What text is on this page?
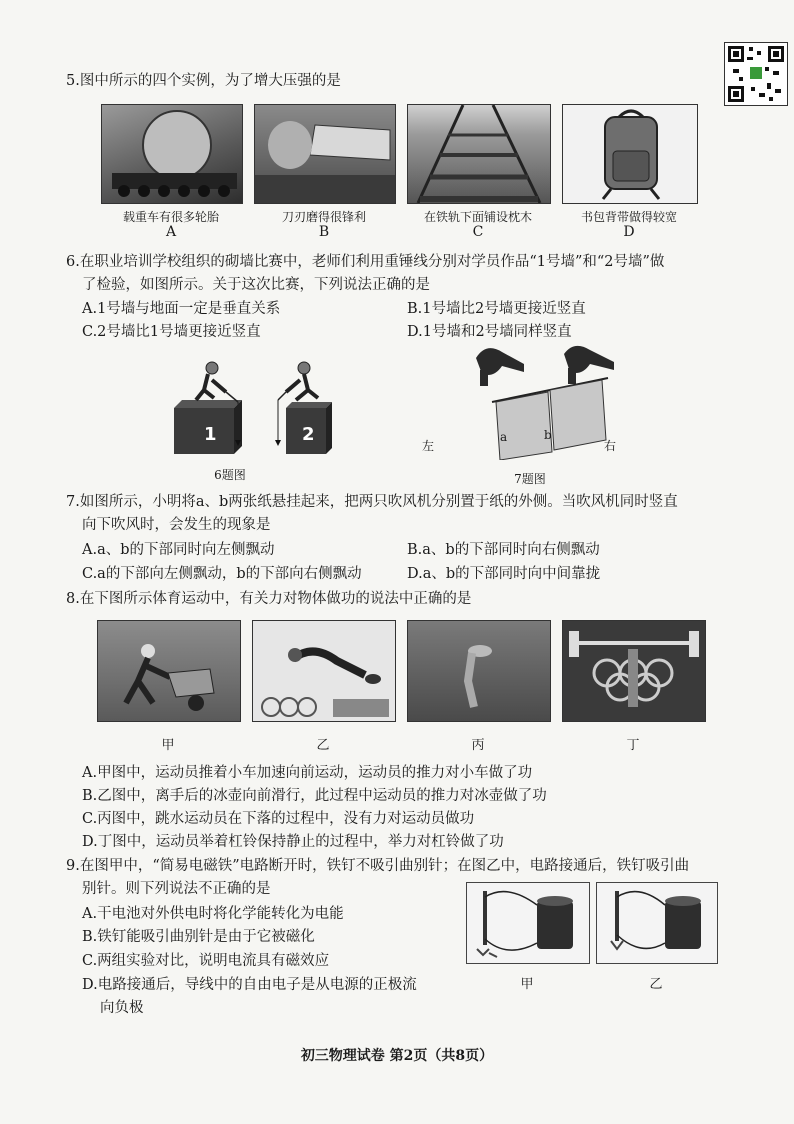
5.图中所示的四个实例，为了增大压强的是
载重车有很多轮胎	刀刃磨得很锋利	在铁轨下面铺设枕木	书包背带做得较宽
A	B	C	D
6.在职业培训学校组织的砌墙比赛中，老师们利用重锤线分别对学员作品“1号墙”和“2号墙”做
了检验，如图所示。关于这次比赛，下列说法正确的是
A.1号墙与地面一定是垂直关系	B.1号墙比2号墙更接近竖直
C.2号墙比1号墙更接近竖直	D.1号墙和2号墙同样竖直
1	2
6题图
a	b
左	右
7题图
7.如图所示，小明将a、b两张纸悬挂起来，把两只吹风机分别置于纸的外侧。当吹风机同时竖直
向下吹风时，会发生的现象是
A.a、b的下部同时向左侧飘动	B.a、b的下部同时向右侧飘动
C.a的下部向左侧飘动，b的下部向右侧飘动	D.a、b的下部同时向中间靠拢
8.在下图所示体育运动中，有关力对物体做功的说法中正确的是
甲	乙	丙	丁
A.甲图中，运动员推着小车加速向前运动，运动员的推力对小车做了功
B.乙图中，离手后的冰壶向前滑行，此过程中运动员的推力对冰壶做了功
C.丙图中，跳水运动员在下落的过程中，没有力对运动员做功
D.丁图中，运动员举着杠铃保持静止的过程中，举力对杠铃做了功
9.在图甲中，“简易电磁铁”电路断开时，铁钉不吸引曲别针；在图乙中，电路接通后，铁钉吸引曲
别针。则下列说法不正确的是
A.干电池对外供电时将化学能转化为电能
B.铁钉能吸引曲别针是由于它被磁化
C.两组实验对比，说明电流具有磁效应
D.电路接通后，导线中的自由电子是从电源的正极流
向负极
甲	乙
初三物理试卷 第2页（共8页）
